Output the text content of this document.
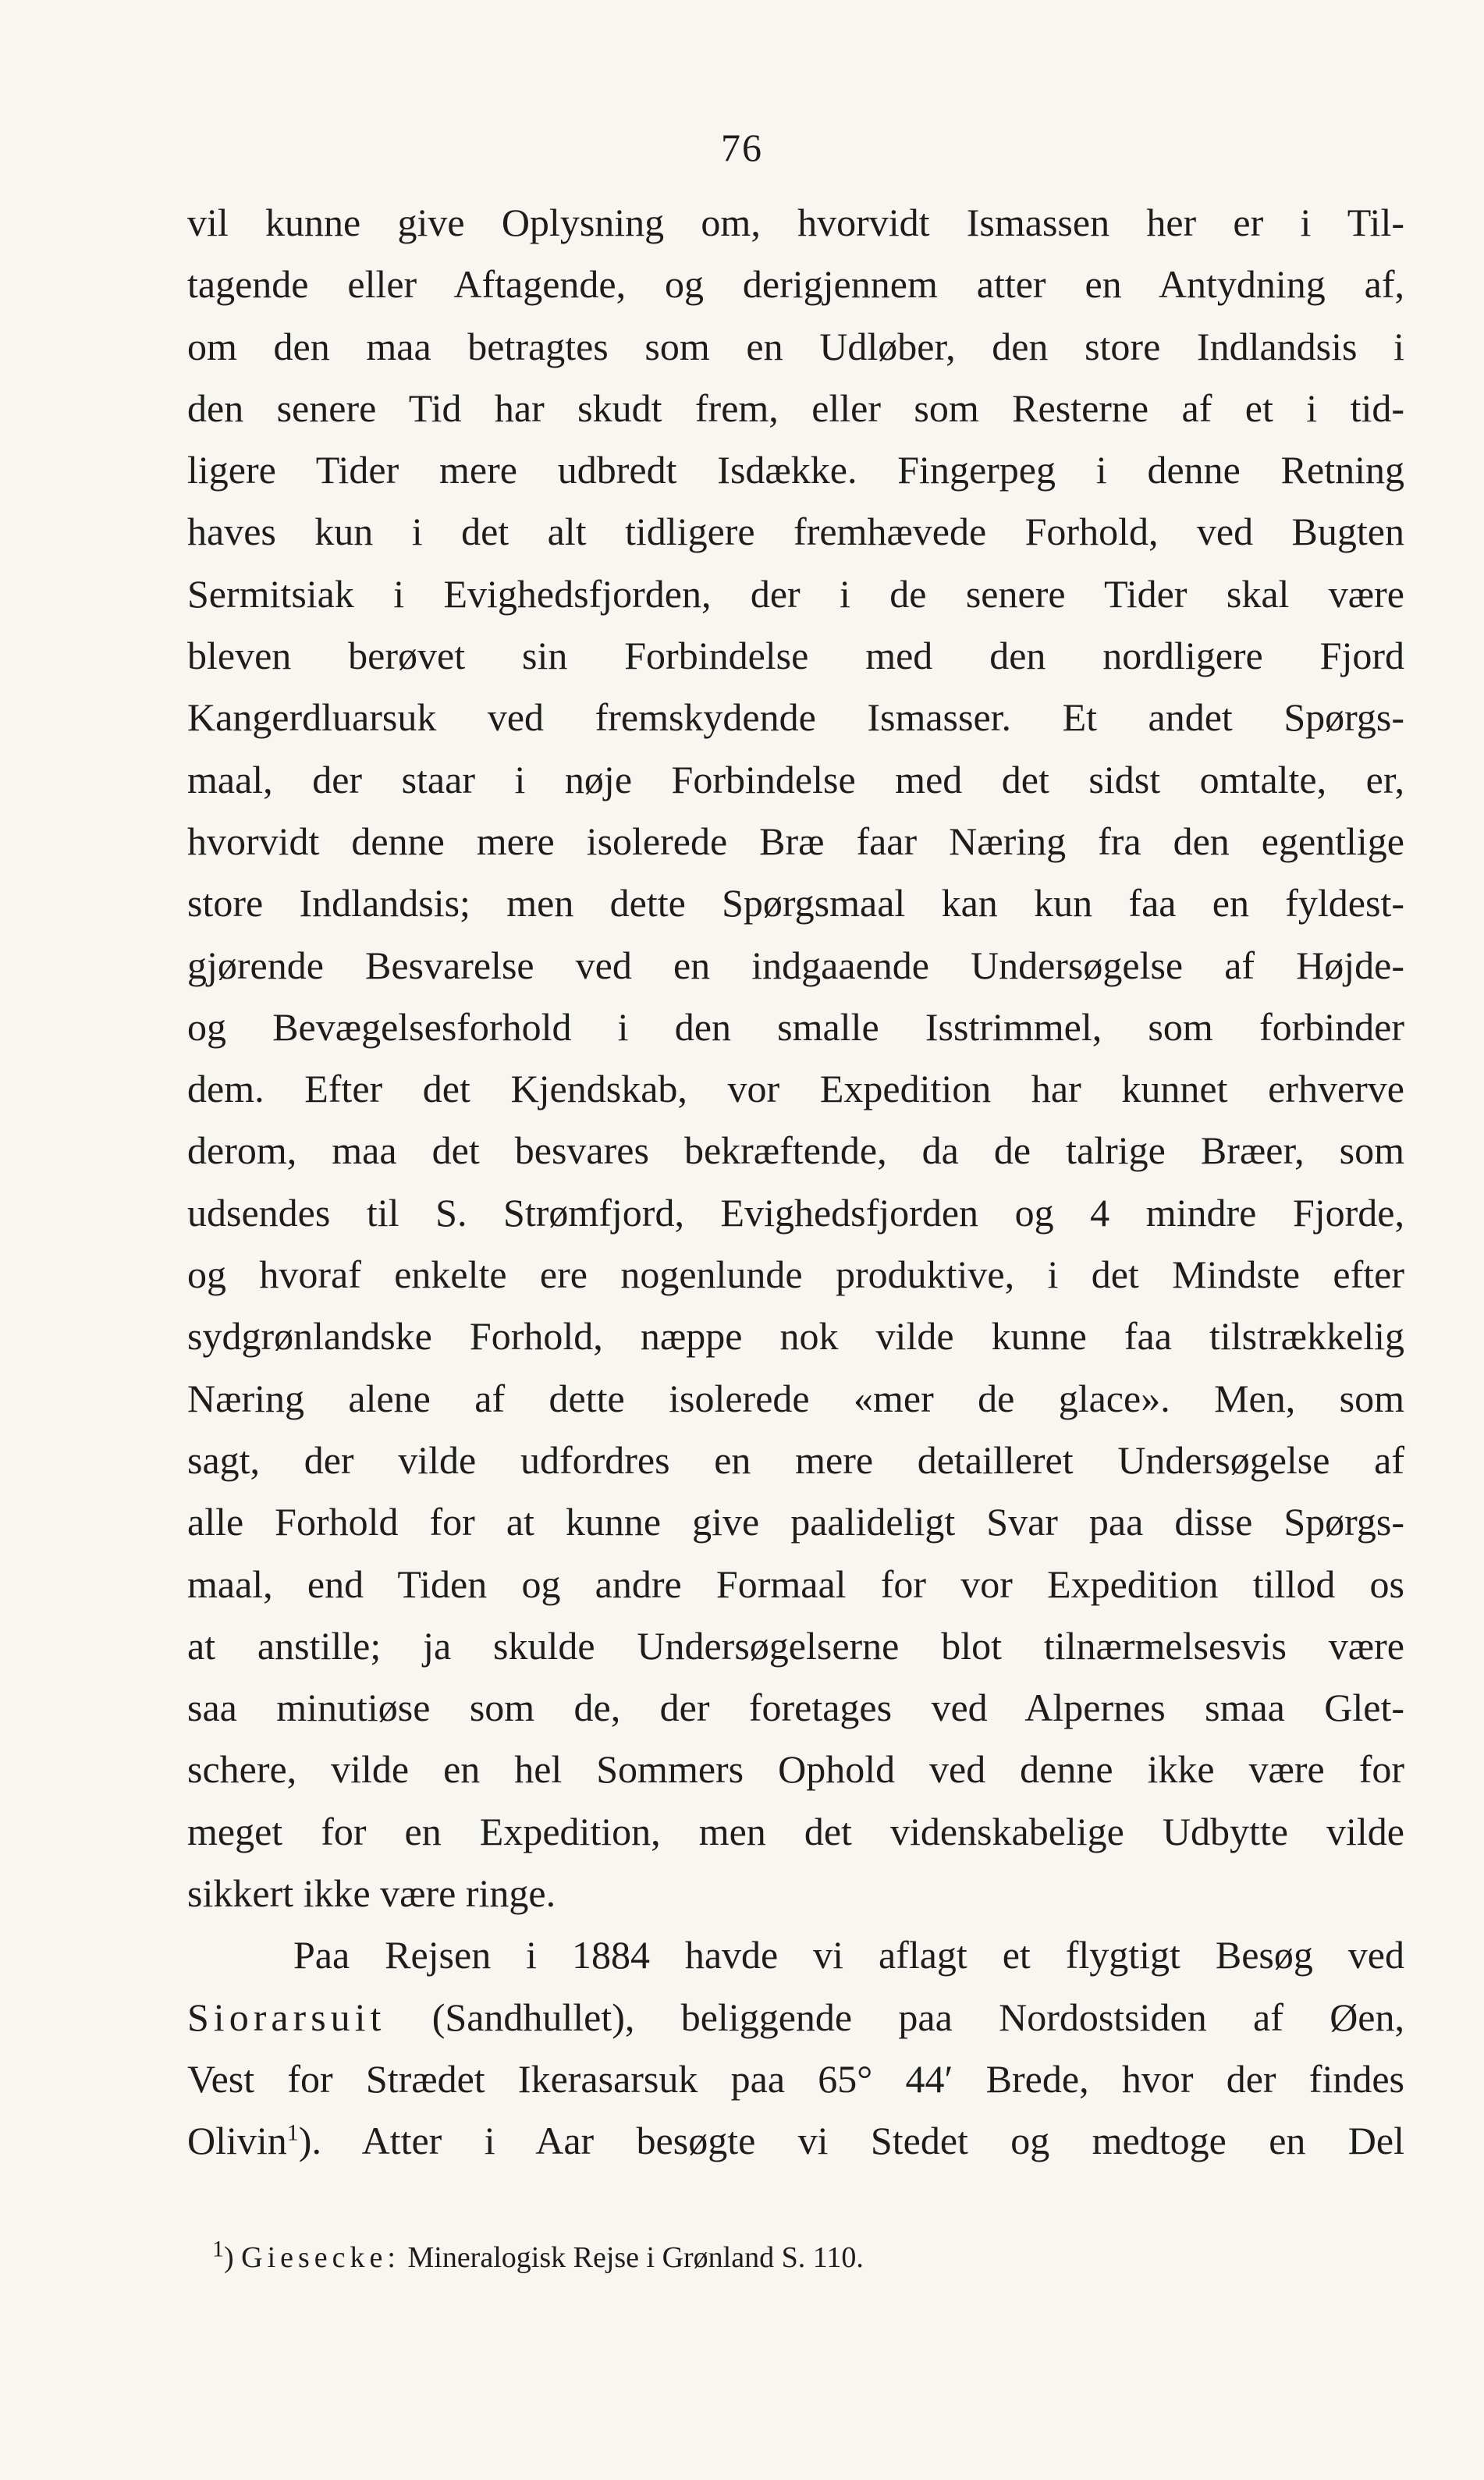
76
vil kunne give Oplysning om, hvorvidt Ismassen her er i Til-
tagende eller Aftagende, og derigjennem atter en Antydning af,
om den maa betragtes som en Udløber, den store Indlandsis i
den senere Tid har skudt frem, eller som Resterne af et i tid-
ligere Tider mere udbredt Isdække. Fingerpeg i denne Retning
haves kun i det alt tidligere fremhævede Forhold, ved Bugten
Sermitsiak i Evighedsfjorden, der i de senere Tider skal være
bleven berøvet sin Forbindelse med den nordligere Fjord
Kangerdluarsuk ved fremskydende Ismasser. Et andet Spørgs-
maal, der staar i nøje Forbindelse med det sidst omtalte, er,
hvorvidt denne mere isolerede Bræ faar Næring fra den egentlige
store Indlandsis; men dette Spørgsmaal kan kun faa en fyldest-
gjørende Besvarelse ved en indgaaende Undersøgelse af Højde-
og Bevægelsesforhold i den smalle Isstrimmel, som forbinder
dem. Efter det Kjendskab, vor Expedition har kunnet erhverve
derom, maa det besvares bekræftende, da de talrige Bræer, som
udsendes til S. Strømfjord, Evighedsfjorden og 4 mindre Fjorde,
og hvoraf enkelte ere nogenlunde produktive, i det Mindste efter
sydgrønlandske Forhold, næppe nok vilde kunne faa tilstrækkelig
Næring alene af dette isolerede «mer de glace». Men, som
sagt, der vilde udfordres en mere detailleret Undersøgelse af
alle Forhold for at kunne give paalideligt Svar paa disse Spørgs-
maal, end Tiden og andre Formaal for vor Expedition tillod os
at anstille; ja skulde Undersøgelserne blot tilnærmelsesvis være
saa minutiøse som de, der foretages ved Alpernes smaa Glet-
schere, vilde en hel Sommers Ophold ved denne ikke være for
meget for en Expedition, men det videnskabelige Udbytte vilde
sikkert ikke være ringe.
Paa Rejsen i 1884 havde vi aflagt et flygtigt Besøg ved
Siorarsuit (Sandhullet), beliggende paa Nordostsiden af Øen,
Vest for Strædet Ikerasarsuk paa 65° 44′ Brede, hvor der findes
Olivin$^1$). Atter i Aar besøgte vi Stedet og medtoge en Del
$^1$) Giesecke: Mineralogisk Rejse i Grønland S. 110.
